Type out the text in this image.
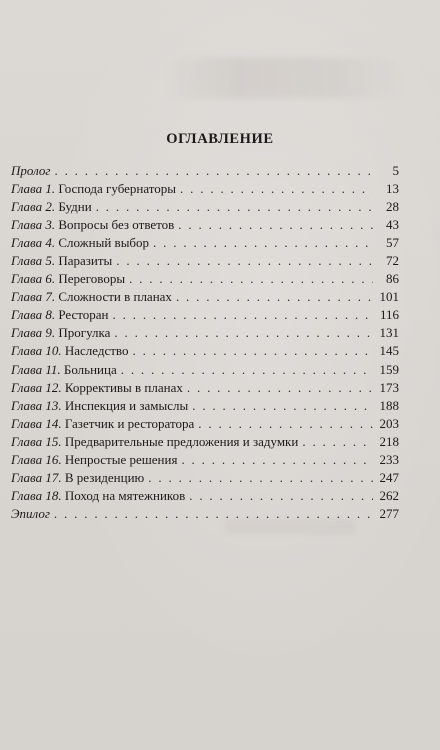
ОГЛАВЛЕНИЕ
Пролог . . .	5
Глава 1. Господа губернаторы . . .	13
Глава 2. Будни . . .	28
Глава 3. Вопросы без ответов . . .	43
Глава 4. Сложный выбор . . .	57
Глава 5. Паразиты . . .	72
Глава 6. Переговоры . . .	86
Глава 7. Сложности в планах . . .	101
Глава 8. Ресторан . . .	116
Глава 9. Прогулка . . .	131
Глава 10. Наследство . . .	145
Глава 11. Больница . . .	159
Глава 12. Коррективы в планах . . .	173
Глава 13. Инспекция и замыслы . . .	188
Глава 14. Газетчик и ресторатора . . .	203
Глава 15. Предварительные предложения и задумки . . .	218
Глава 16. Непростые решения . . .	233
Глава 17. В резиденцию . . .	247
Глава 18. Поход на мятежников . . .	262
Эпилог . . .	277
